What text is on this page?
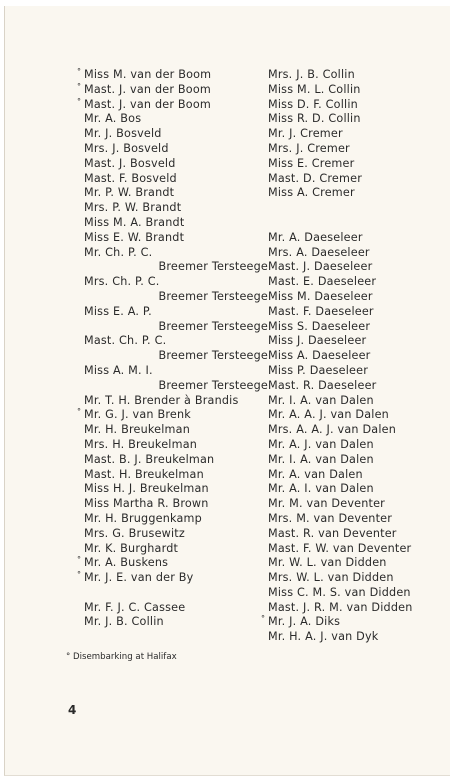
° Miss M. van der Boom
° Mast. J. van der Boom
° Mast. J. van der Boom
Mr. A. Bos
Mr. J. Bosveld
Mrs. J. Bosveld
Mast. J. Bosveld
Mast. F. Bosveld
Mr. P. W. Brandt
Mrs. P. W. Brandt
Miss M. A. Brandt
Miss E. W. Brandt
Mr. Ch. P. C.
Breemer Tersteege
Mrs. Ch. P. C.
Breemer Tersteege
Miss E. A. P.
Breemer Tersteege
Mast. Ch. P. C.
Breemer Tersteege
Miss A. M. I.
Breemer Tersteege
Mr. T. H. Brender à Brandis
° Mr. G. J. van Brenk
Mr. H. Breukelman
Mrs. H. Breukelman
Mast. B. J. Breukelman
Mast. H. Breukelman
Miss H. J. Breukelman
Miss Martha R. Brown
Mr. H. Bruggenkamp
Mrs. G. Brusewitz
Mr. K. Burghardt
° Mr. A. Buskens
° Mr. J. E. van der By
Mr. F. J. C. Cassee
Mr. J. B. Collin
Mrs. J. B. Collin
Miss M. L. Collin
Miss D. F. Collin
Miss R. D. Collin
Mr. J. Cremer
Mrs. J. Cremer
Miss E. Cremer
Mast. D. Cremer
Miss A. Cremer
Mr. A. Daeseleer
Mrs. A. Daeseleer
Mast. J. Daeseleer
Mast. E. Daeseleer
Miss M. Daeseleer
Mast. F. Daeseleer
Miss S. Daeseleer
Miss J. Daeseleer
Miss A. Daeseleer
Miss P. Daeseleer
Mast. R. Daeseleer
Mr. I. A. van Dalen
Mr. A. A. J. van Dalen
Mrs. A. A. J. van Dalen
Mr. A. J. van Dalen
Mr. I. A. van Dalen
Mr. A. van Dalen
Mr. A. I. van Dalen
Mr. M. van Deventer
Mrs. M. van Deventer
Mast. R. van Deventer
Mast. F. W. van Deventer
Mr. W. L. van Didden
Mrs. W. L. van Didden
Miss C. M. S. van Didden
Mast. J. R. M. van Didden
° Mr. J. A. Diks
Mr. H. A. J. van Dyk
° Disembarking at Halifax
4
